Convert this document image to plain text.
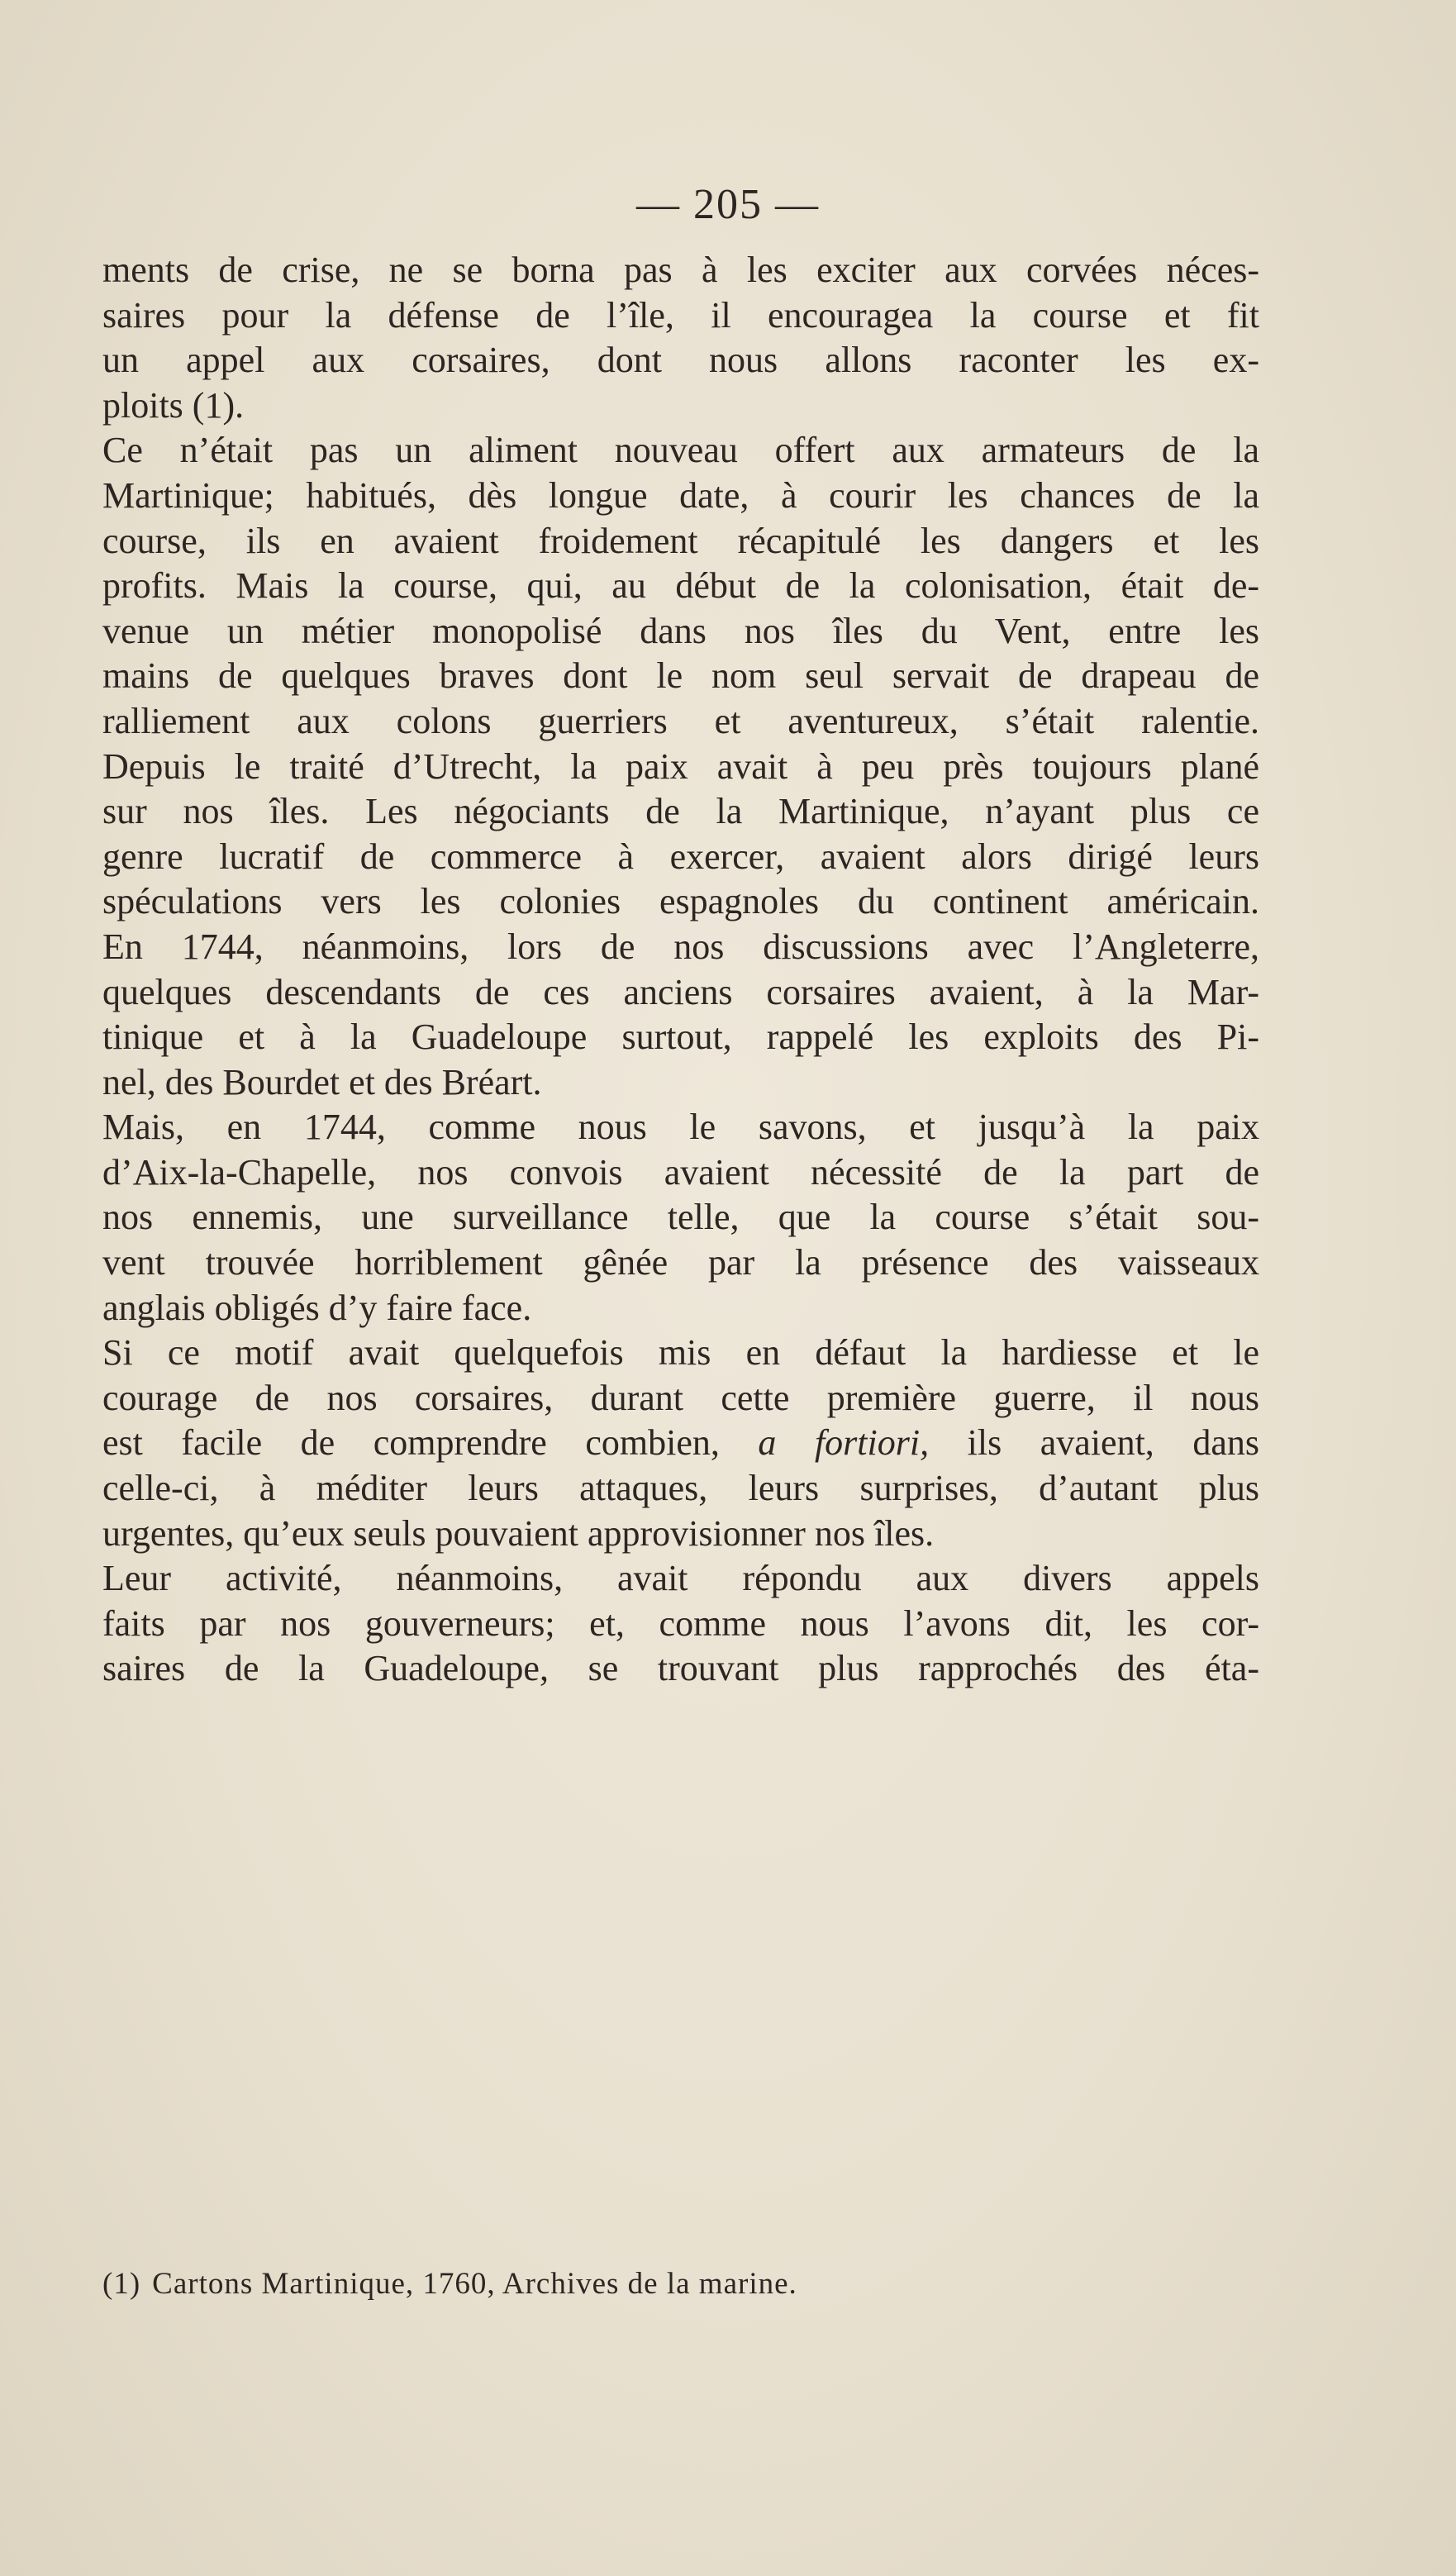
— 205 —
ments de crise, ne se borna pas à les exciter aux corvées néces-
saires pour la défense de l’île, il encouragea la course et fit
un appel aux corsaires, dont nous allons raconter les ex-
ploits (1).
Ce n’était pas un aliment nouveau offert aux armateurs de la
Martinique; habitués, dès longue date, à courir les chances de la
course, ils en avaient froidement récapitulé les dangers et les
profits. Mais la course, qui, au début de la colonisation, était de-
venue un métier monopolisé dans nos îles du Vent, entre les
mains de quelques braves dont le nom seul servait de drapeau de
ralliement aux colons guerriers et aventureux, s’était ralentie.
Depuis le traité d’Utrecht, la paix avait à peu près toujours plané
sur nos îles. Les négociants de la Martinique, n’ayant plus ce
genre lucratif de commerce à exercer, avaient alors dirigé leurs
spéculations vers les colonies espagnoles du continent américain.
En 1744, néanmoins, lors de nos discussions avec l’Angleterre,
quelques descendants de ces anciens corsaires avaient, à la Mar-
tinique et à la Guadeloupe surtout, rappelé les exploits des Pi-
nel, des Bourdet et des Bréart.
Mais, en 1744, comme nous le savons, et jusqu’à la paix
d’Aix-la-Chapelle, nos convois avaient nécessité de la part de
nos ennemis, une surveillance telle, que la course s’était sou-
vent trouvée horriblement gênée par la présence des vaisseaux
anglais obligés d’y faire face.
Si ce motif avait quelquefois mis en défaut la hardiesse et le
courage de nos corsaires, durant cette première guerre, il nous
est facile de comprendre combien, a fortiori, ils avaient, dans
celle-ci, à méditer leurs attaques, leurs surprises, d’autant plus
urgentes, qu’eux seuls pouvaient approvisionner nos îles.
Leur activité, néanmoins, avait répondu aux divers appels
faits par nos gouverneurs; et, comme nous l’avons dit, les cor-
saires de la Guadeloupe, se trouvant plus rapprochés des éta-
(1) Cartons Martinique, 1760, Archives de la marine.
